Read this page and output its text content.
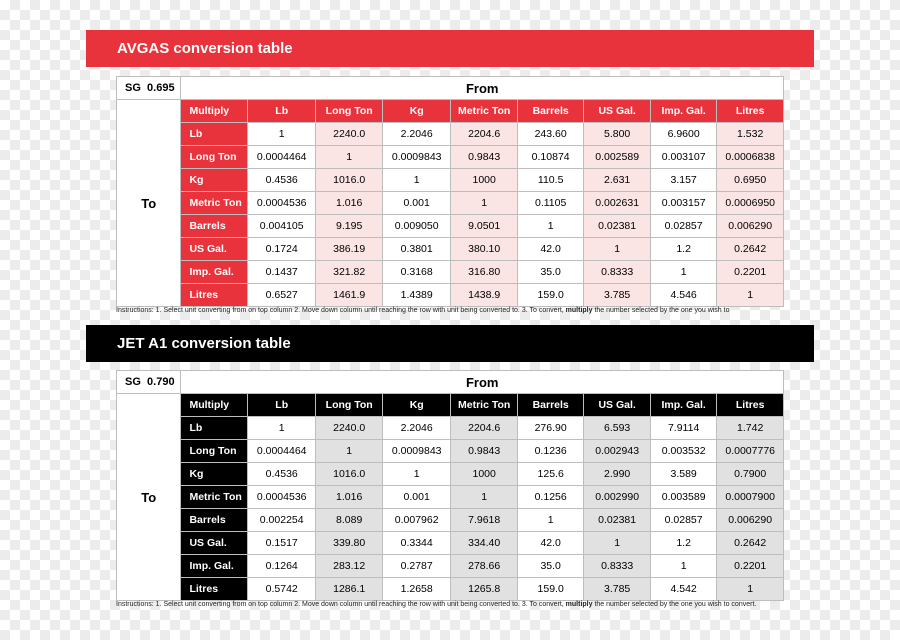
AVGAS conversion table
SG 0.695	From								
To	Multiply	Lb	Long Ton	Kg	Metric Ton	Barrels	US Gal.	Imp. Gal.	Litres
	Lb	1	2240.0	2.2046	2204.6	243.60	5.800	6.9600	1.532
	Long Ton	0.0004464	1	0.0009843	0.9843	0.10874	0.002589	0.003107	0.0006838
	Kg	0.4536	1016.0	1	1000	110.5	2.631	3.157	0.6950
	Metric Ton	0.0004536	1.016	0.001	1	0.1105	0.002631	0.003157	0.0006950
	Barrels	0.004105	9.195	0.009050	9.0501	1	0.02381	0.02857	0.006290
	US Gal.	0.1724	386.19	0.3801	380.10	42.0	1	1.2	0.2642
	Imp. Gal.	0.1437	321.82	0.3168	316.80	35.0	0.8333	1	0.2201
	Litres	0.6527	1461.9	1.4389	1438.9	159.0	3.785	4.546	1
Instructions: 1. Select unit converting from on top column 2. Move down column until reaching the row with unit being converted to. 3. To convert, multiply the number selected by the one you wish to
JET A1 conversion table
SG 0.790	From								
To	Multiply	Lb	Long Ton	Kg	Metric Ton	Barrels	US Gal.	Imp. Gal.	Litres
	Lb	1	2240.0	2.2046	2204.6	276.90	6.593	7.9114	1.742
	Long Ton	0.0004464	1	0.0009843	0.9843	0.1236	0.002943	0.003532	0.0007776
	Kg	0.4536	1016.0	1	1000	125.6	2.990	3.589	0.7900
	Metric Ton	0.0004536	1.016	0.001	1	0.1256	0.002990	0.003589	0.0007900
	Barrels	0.002254	8.089	0.007962	7.9618	1	0.02381	0.02857	0.006290
	US Gal.	0.1517	339.80	0.3344	334.40	42.0	1	1.2	0.2642
	Imp. Gal.	0.1264	283.12	0.2787	278.66	35.0	0.8333	1	0.2201
	Litres	0.5742	1286.1	1.2658	1265.8	159.0	3.785	4.542	1
Instructions: 1. Select unit converting from on top column 2. Move down column until reaching the row with unit being converted to. 3. To convert, multiply the number selected by the one you wish to convert.
